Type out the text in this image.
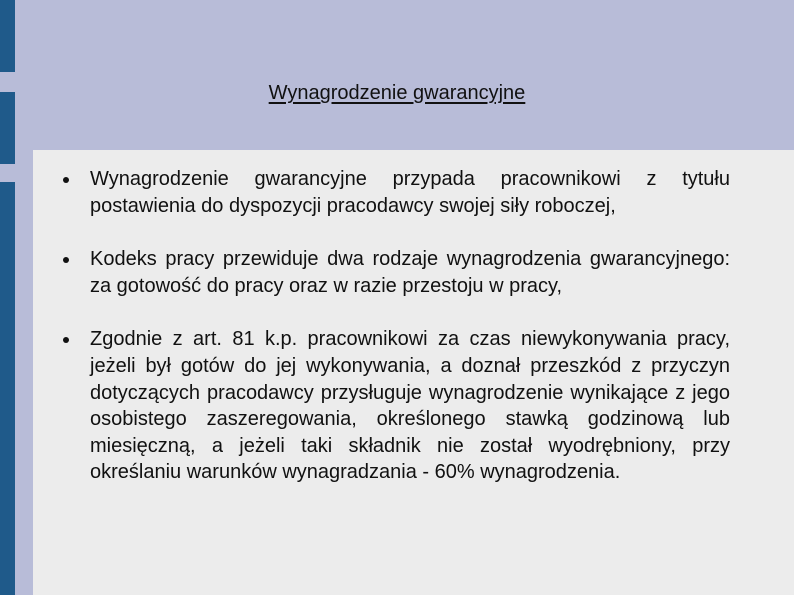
Wynagrodzenie gwarancyjne
Wynagrodzenie gwarancyjne przypada pracownikowi z tytułu postawienia do dyspozycji pracodawcy swojej siły roboczej,
Kodeks pracy przewiduje dwa rodzaje wynagrodzenia gwarancyjnego: za gotowość do pracy oraz w razie przestoju w pracy,
Zgodnie z art. 81 k.p. pracownikowi za czas niewykonywania pracy, jeżeli był gotów do jej wykonywania, a doznał przeszkód z przyczyn dotyczących pracodawcy przysługuje wynagrodzenie wynikające z jego osobistego zaszeregowania, określonego stawką godzinową lub miesięczną, a jeżeli taki składnik nie został wyodrębniony, przy określaniu warunków wynagradzania - 60% wynagrodzenia.
